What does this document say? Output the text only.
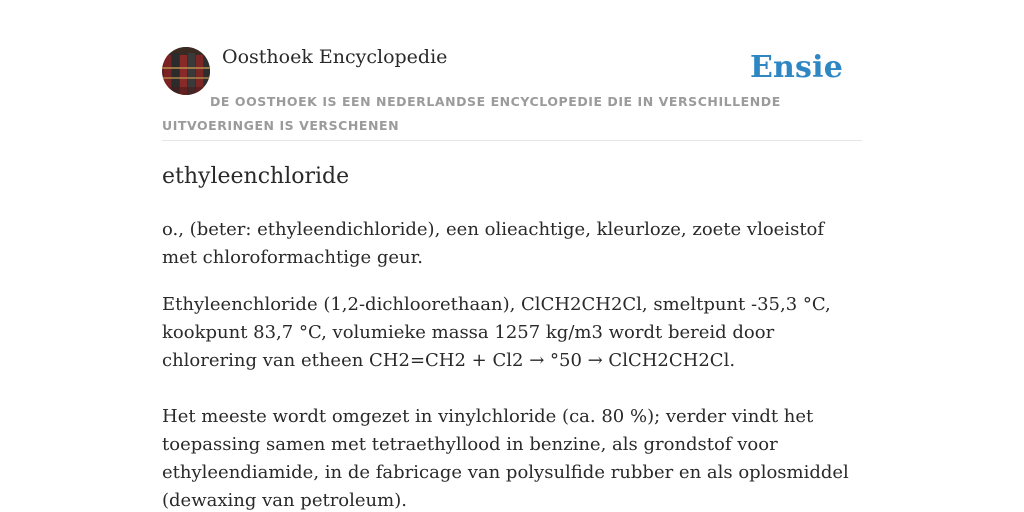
Oosthoek Encyclopedie	Ensie
DE OOSTHOEK IS EEN NEDERLANDSE ENCYCLOPEDIE DIE IN VERSCHILLENDE UITVOERINGEN IS VERSCHENEN
ethyleenchloride

o., (beter: ethyleendichloride), een olieachtige, kleurloze, zoete vloeistof met chloroformachtige geur.

Ethyleenchloride (1,2-dichloorethaan), ClCH2CH2Cl, smeltpunt -35,3 °C, kookpunt 83,7 °C, volumieke massa 1257 kg/m3 wordt bereid door chlorering van etheen CH2=CH2 + Cl2 → °50 → ClCH2CH2Cl.

Het meeste wordt omgezet in vinylchloride (ca. 80 %); verder vindt het toepassing samen met tetraethyllood in benzine, als grondstof voor ethyleendiamide, in de fabricage van polysulfide rubber en als oplosmiddel (dewaxing van petroleum).
